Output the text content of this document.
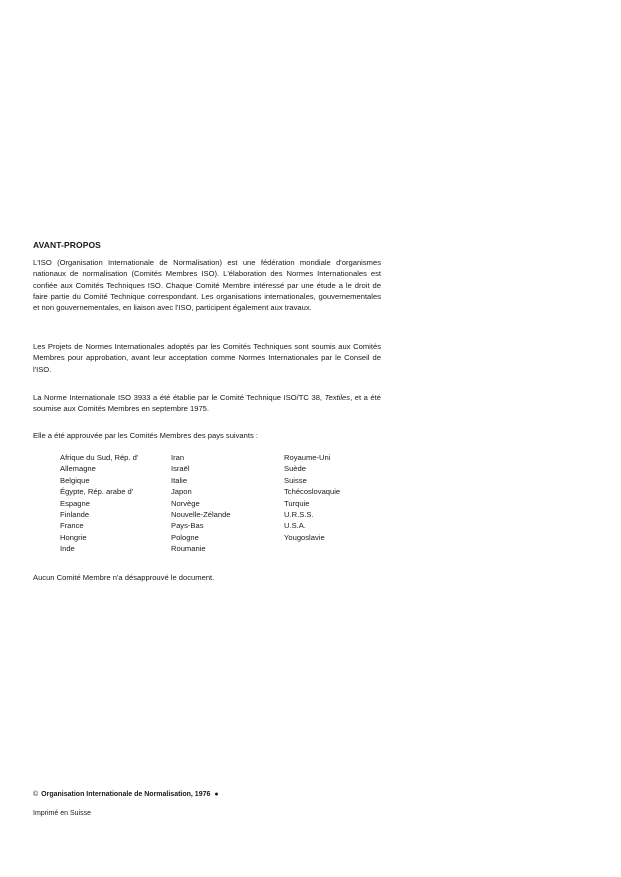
AVANT-PROPOS
L'ISO (Organisation Internationale de Normalisation) est une fédération mondiale d'organismes nationaux de normalisation (Comités Membres ISO). L'élaboration des Normes Internationales est confiée aux Comités Techniques ISO. Chaque Comité Membre intéressé par une étude a le droit de faire partie du Comité Technique correspondant. Les organisations internationales, gouvernementales et non gouvernementales, en liaison avec l'ISO, participent également aux travaux.
Les Projets de Normes Internationales adoptés par les Comités Techniques sont soumis aux Comités Membres pour approbation, avant leur acceptation comme Normes Internationales par le Conseil de l'ISO.
La Norme Internationale ISO 3933 a été établie par le Comité Technique ISO/TC 38, Textiles, et a été soumise aux Comités Membres en septembre 1975.
Elle a été approuvée par les Comités Membres des pays suivants :
Afrique du Sud, Rép. d'
Allemagne
Belgique
Égypte, Rép. arabe d'
Espagne
Finlande
France
Hongrie
Inde
Iran
Israël
Italie
Japon
Norvège
Nouvelle-Zélande
Pays-Bas
Pologne
Roumanie
Royaume-Uni
Suède
Suisse
Tchécoslovaquie
Turquie
U.R.S.S.
U.S.A.
Yougoslavie
Aucun Comité Membre n'a désapprouvé le document.
© Organisation Internationale de Normalisation, 1976 ●
Imprimé en Suisse
